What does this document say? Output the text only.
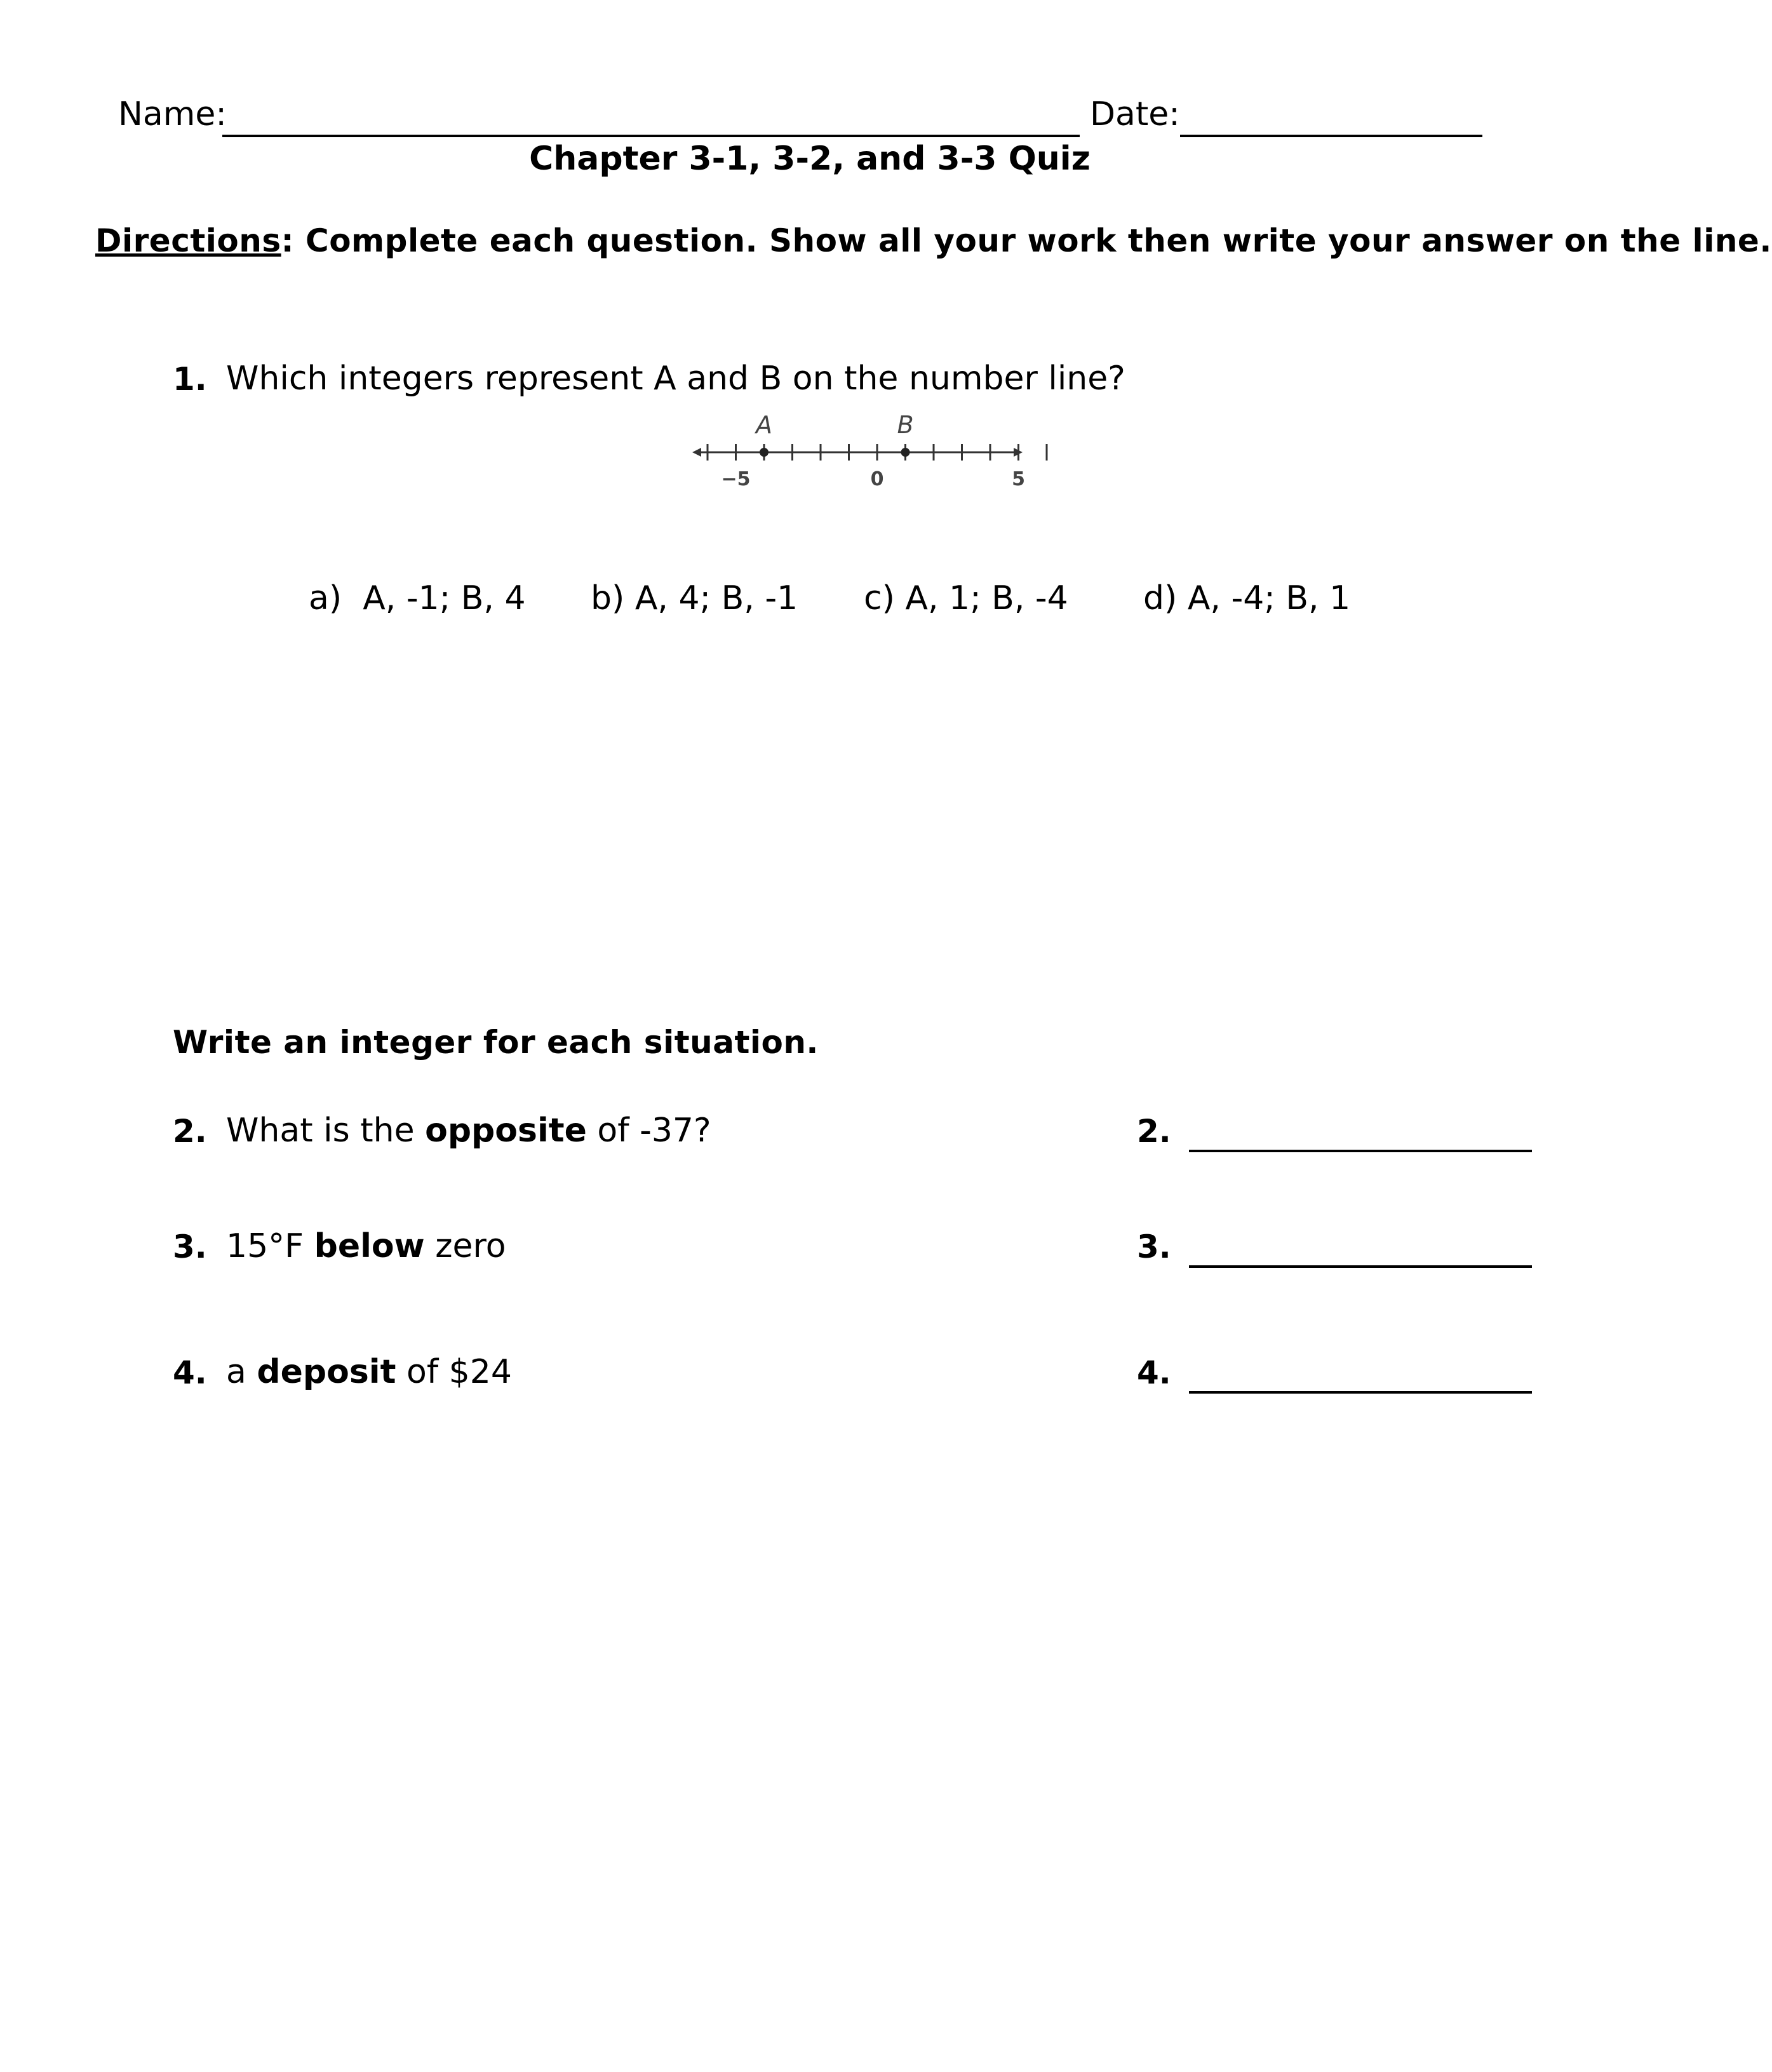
Name:	Date:
Chapter 3-1, 3-2, and 3-3 Quiz
Directions: Complete each question. Show all your work then write your answer on the line.
1. Which integers represent A and B on the number line?
−5	0	5
A	B
a) A, -1; B, 4 b) A, 4; B, -1 c) A, 1; B, -4 d) A, -4; B, 1
Write an integer for each situation.
2. What is the opposite of -37?	2.
3. 15°F below zero	3.
4. a deposit of $24	4.
